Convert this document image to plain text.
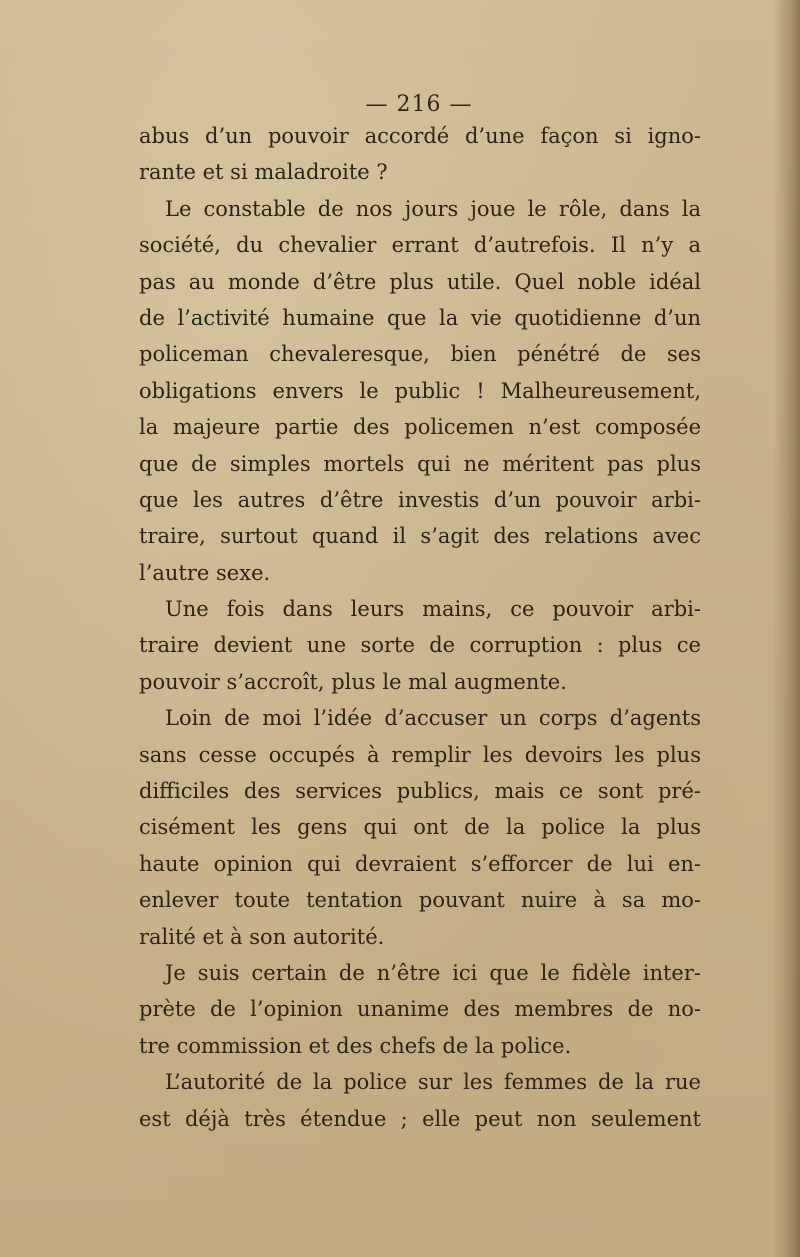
— 216 —
abus d’un pouvoir accordé d’une façon si igno-
rante et si maladroite ?
Le constable de nos jours joue le rôle, dans la
société, du chevalier errant d’autrefois. Il n’y a
pas au monde d’être plus utile. Quel noble idéal
de l’activité humaine que la vie quotidienne d’un
policeman chevaleresque, bien pénétré de ses
obligations envers le public ! Malheureusement,
la majeure partie des policemen n’est composée
que de simples mortels qui ne méritent pas plus
que les autres d’être investis d’un pouvoir arbi-
traire, surtout quand il s’agit des relations avec
l’autre sexe.
Une fois dans leurs mains, ce pouvoir arbi-
traire devient une sorte de corruption : plus ce
pouvoir s’accroît, plus le mal augmente.
Loin de moi l’idée d’accuser un corps d’agents
sans cesse occupés à remplir les devoirs les plus
difficiles des services publics, mais ce sont pré-
cisément les gens qui ont de la police la plus
haute opinion qui devraient s’efforcer de lui en-
enlever toute tentation pouvant nuire à sa mo-
ralité et à son autorité.
Je suis certain de n’être ici que le fidèle inter-
prète de l’opinion unanime des membres de no-
tre commission et des chefs de la police.
L’autorité de la police sur les femmes de la rue
est déjà très étendue ; elle peut non seulement
